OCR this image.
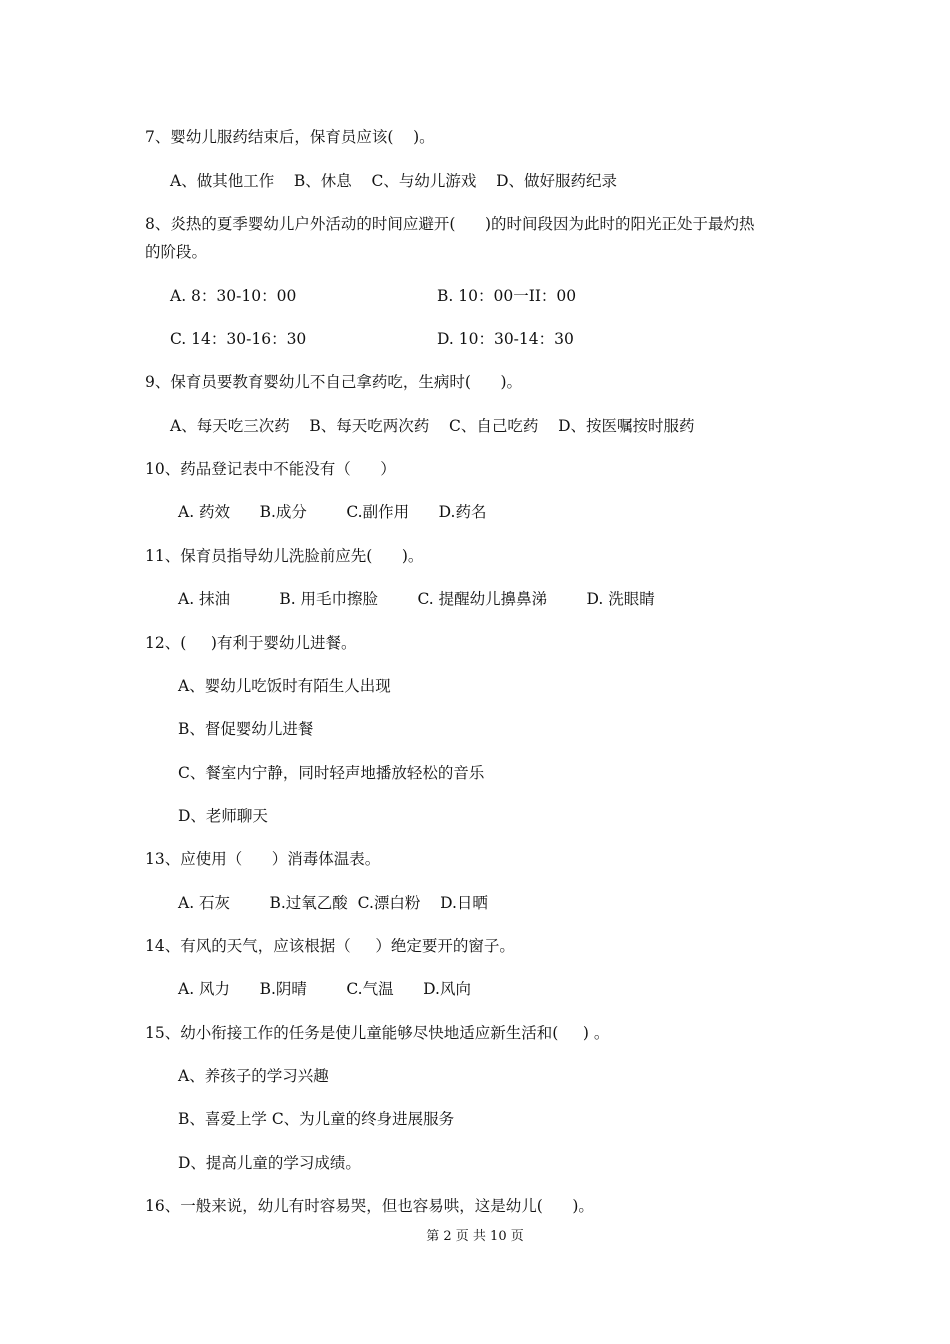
7、婴幼儿服药结束后，保育员应该(    )。
A、做其他工作    B、休息    C、与幼儿游戏    D、做好服药纪录
8、炎热的夏季婴幼儿户外活动的时间应避开(      )的时间段因为此时的阳光正处于最灼热
的阶段。
A. 8：30-10：00	B. 10：00一II：00
C. 14：30-16：30	D. 10：30-14：30
9、保育员要教育婴幼儿不自己拿药吃，生病时(      )。
A、每天吃三次药    B、每天吃两次药    C、自己吃药    D、按医嘱按时服药
10、药品登记表中不能没有（      ）
A. 药效      B.成分        C.副作用      D.药名
11、保育员指导幼儿洗脸前应先(      )。
A. 抹油          B. 用毛巾擦脸        C. 提醒幼儿擤鼻涕        D. 洗眼睛
12、(     )有利于婴幼儿进餐。
A、婴幼儿吃饭时有陌生人出现
B、督促婴幼儿进餐
C、餐室内宁静，同时轻声地播放轻松的音乐
D、老师聊天
13、应使用（      ）消毒体温表。
A. 石灰        B.过氧乙酸  C.漂白粉    D.日晒
14、有风的天气，应该根据（     ）绝定要开的窗子。
A. 风力      B.阴晴        C.气温      D.风向
15、幼小衔接工作的任务是使儿童能够尽快地适应新生活和(     ) 。
A、养孩子的学习兴趣
B、喜爱上学 C、为儿童的终身进展服务
D、提高儿童的学习成绩。
16、一般来说，幼儿有时容易哭，但也容易哄，这是幼儿(      )。
第 2 页 共 10 页
